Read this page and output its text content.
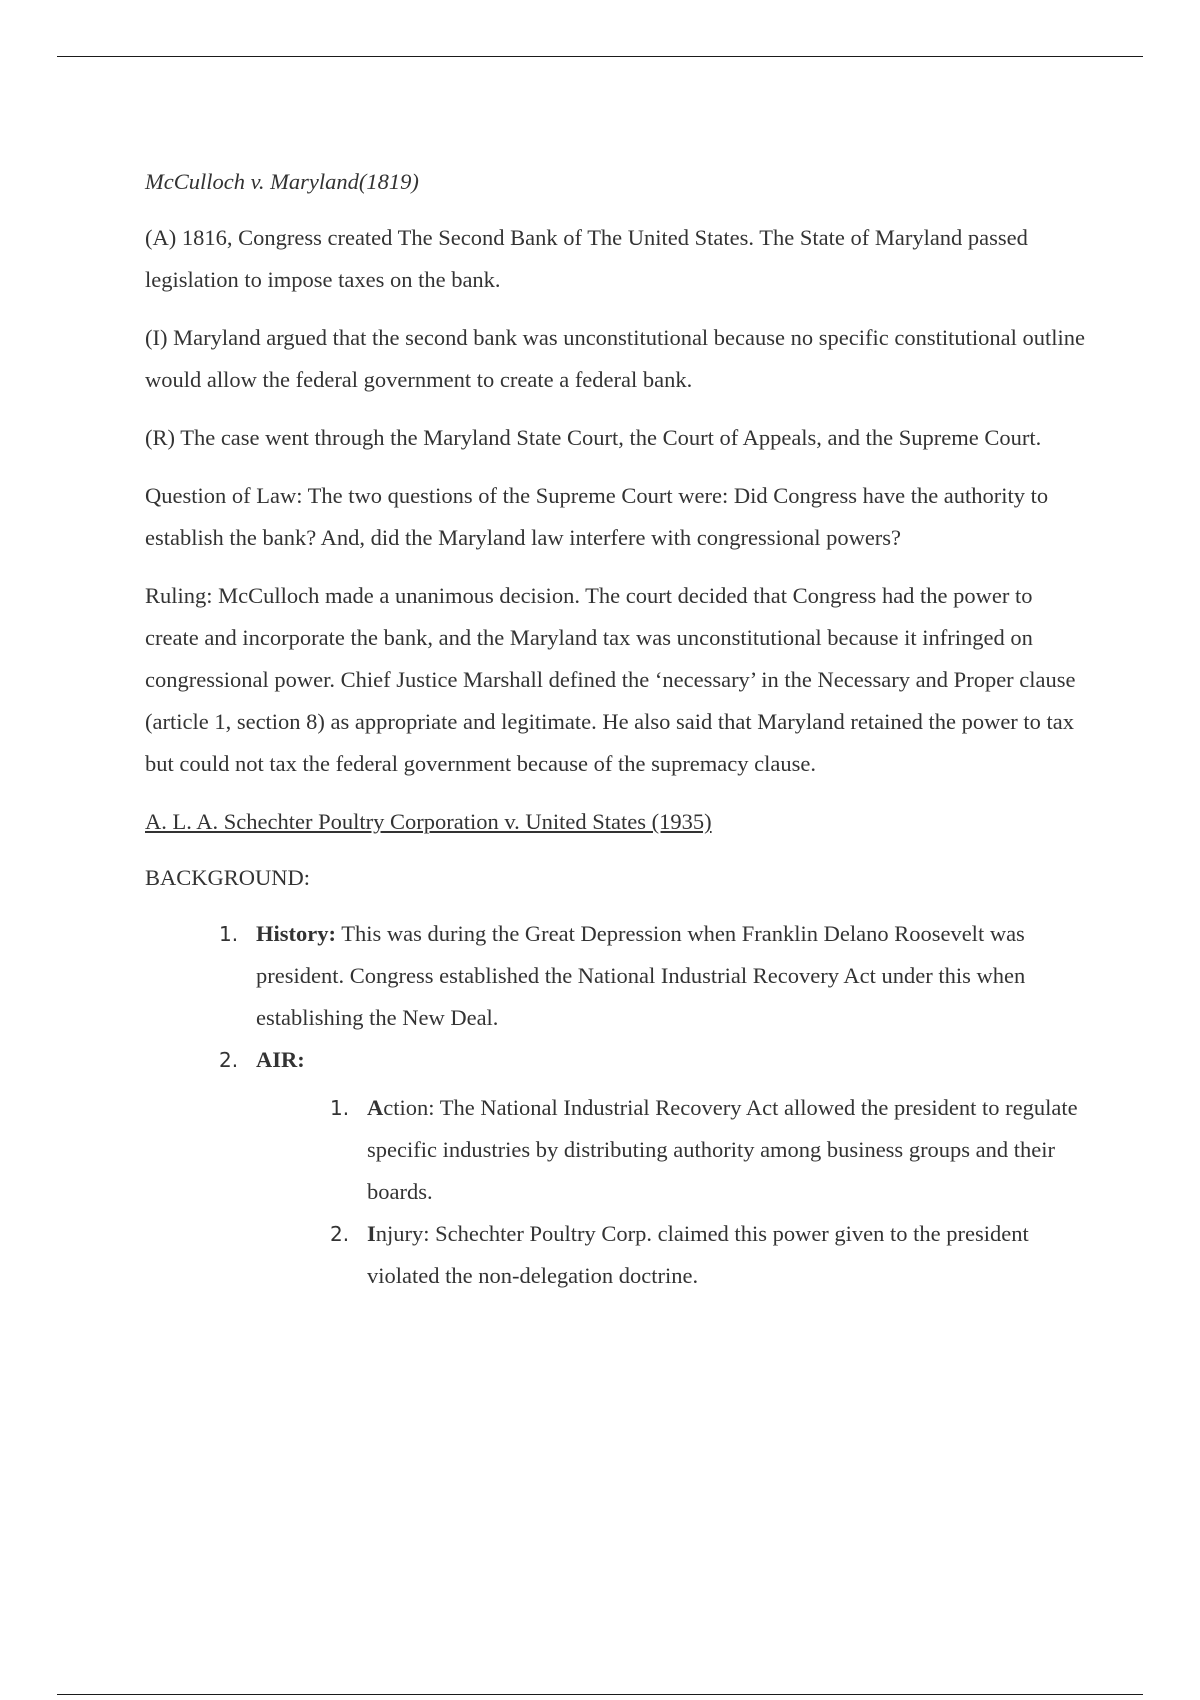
McCulloch v. Maryland(1819)

(A) 1816, Congress created The Second Bank of The United States. The State of Maryland passed legislation to impose taxes on the bank.

(I) Maryland argued that the second bank was unconstitutional because no specific constitutional outline would allow the federal government to create a federal bank.

(R) The case went through the Maryland State Court, the Court of Appeals, and the Supreme Court.

Question of Law: The two questions of the Supreme Court were: Did Congress have the authority to establish the bank? And, did the Maryland law interfere with congressional powers?

Ruling: McCulloch made a unanimous decision. The court decided that Congress had the power to create and incorporate the bank, and the Maryland tax was unconstitutional because it infringed on congressional power. Chief Justice Marshall defined the ‘necessary’ in the Necessary and Proper clause (article 1, section 8) as appropriate and legitimate. He also said that Maryland retained the power to tax but could not tax the federal government because of the supremacy clause.

A. L. A. Schechter Poultry Corporation v. United States (1935)

BACKGROUND:

1. History: This was during the Great Depression when Franklin Delano Roosevelt was president. Congress established the National Industrial Recovery Act under this when establishing the New Deal.
2. AIR:
1. Action: The National Industrial Recovery Act allowed the president to regulate specific industries by distributing authority among business groups and their boards.
2. Injury: Schechter Poultry Corp. claimed this power given to the president violated the non-delegation doctrine.
